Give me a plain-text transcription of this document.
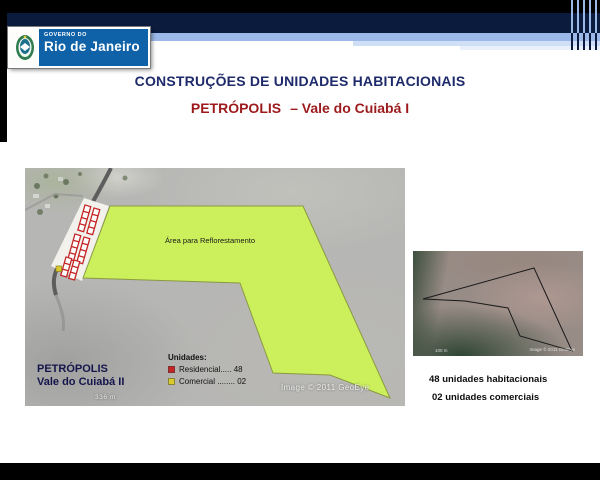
GOVERNO DO
Rio de Janeiro
CONSTRUÇÕES DE UNIDADES HABITACIONAIS
PETRÓPOLIS – Vale do Cuiabá I
Área para Reflorestamento
PETRÓPOLIS
Vale do Cuiabá II
336 m
Unidades:
Residencial..... 48
Comercial ........ 02
Image © 2011 GeoEye
100 m	Image © 2011 GeoEye
48 unidades habitacionais
02 unidades comerciais
